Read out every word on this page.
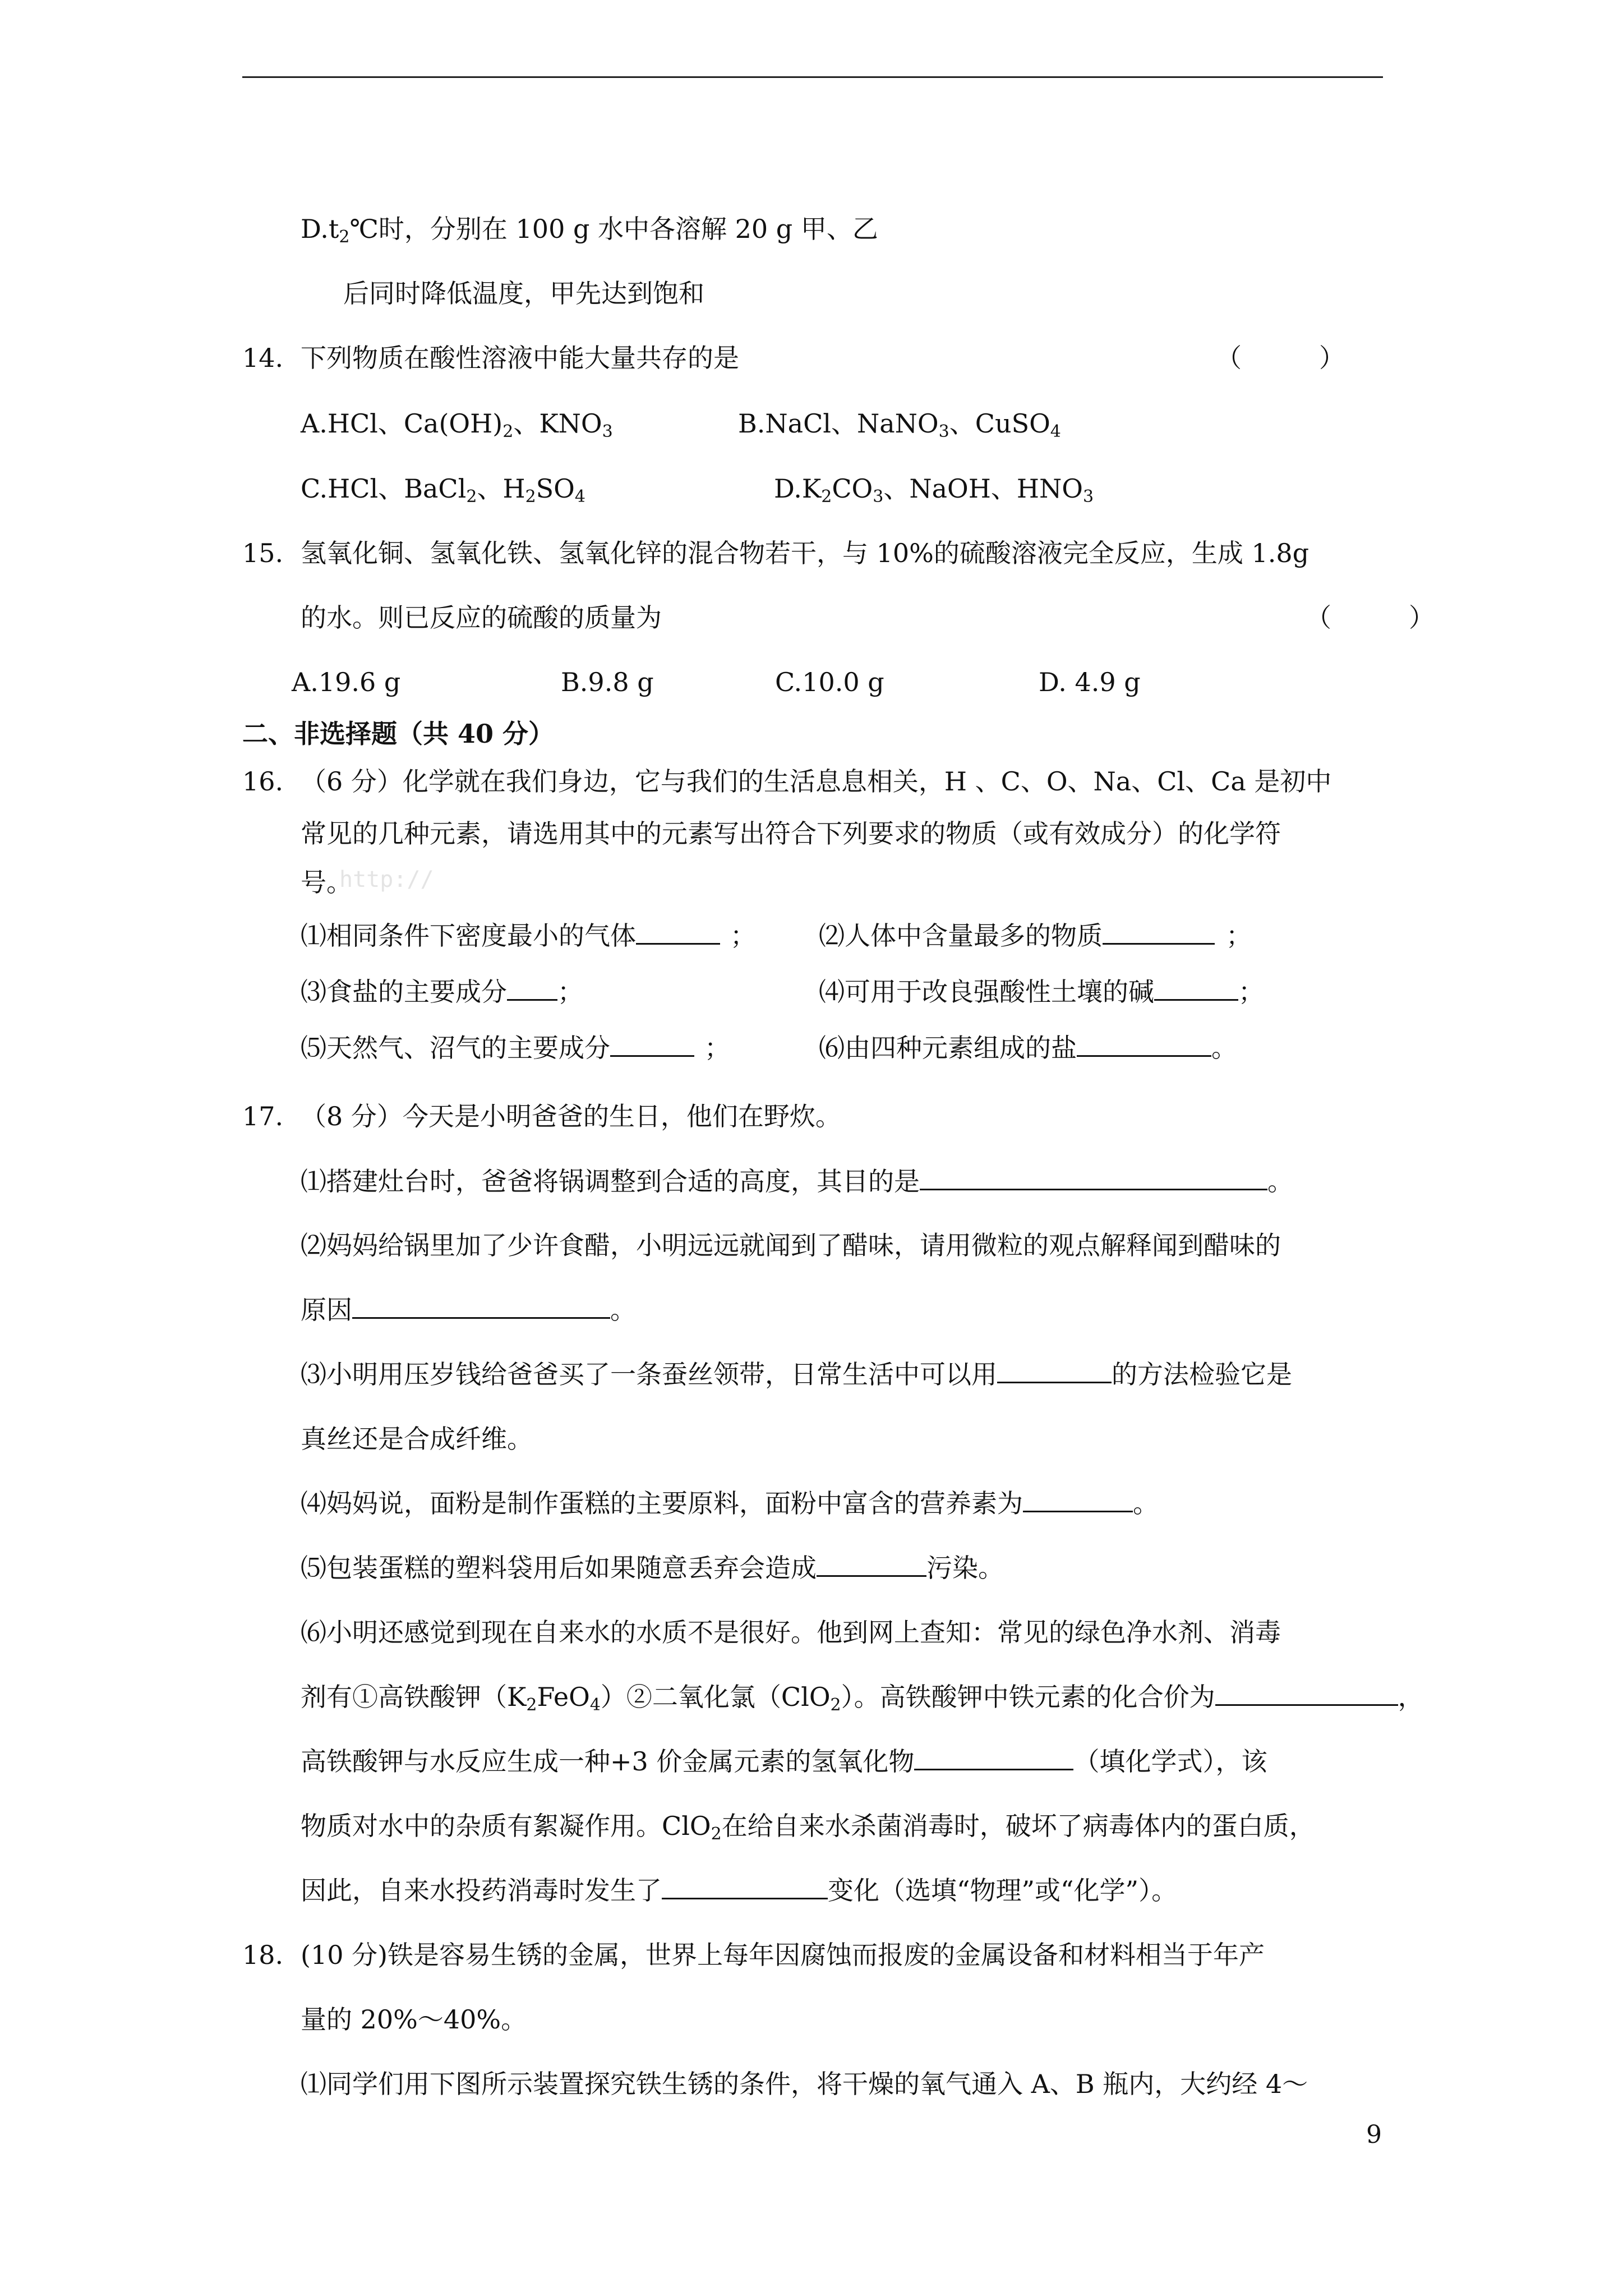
$D.t_2℃$时，分别在 100 g 水中各溶解 20 g 甲、乙
后同时降低温度，甲先达到饱和
14. 下列物质在酸性溶液中能大量共存的是	（　　　）
A.HCl、$Ca(OH)_2$、$KNO_3$	B.NaCl、NaNO$_3$、CuSO$_4$
C.HCl、BaCl$_2$、$H_2SO_4$	$D.K_2CO_3$、NaOH、$HNO_3$
15. 氢氧化铜、氢氧化铁、氢氧化锌的混合物若干，与 10%的硫酸溶液完全反应，生成 1.8g
的水。则已反应的硫酸的质量为	（　　　）
A.19.6 g	B.9.8 g	C.10.0 g	D. 4.9 g
二、非选择题（共 40 分）
16. （6 分）化学就在我们身边，它与我们的生活息息相关，H 、C、O、Na、Cl、Ca 是初中
常见的几种元素，请选用其中的元素写出符合下列要求的物质（或有效成分）的化学符
号。
http://
⑴相同条件下密度最小的气体	； ⑵人体中含量最多的物质	；
⑶食盐的主要成分 ；	⑷可用于改良强酸性土壤的碱	；
⑸天然气、沼气的主要成分	；	⑹由四种元素组成的盐	。
17. （8 分）今天是小明爸爸的生日，他们在野炊。
⑴搭建灶台时，爸爸将锅调整到合适的高度，其目的是	。
⑵妈妈给锅里加了少许食醋，小明远远就闻到了醋味，请用微粒的观点解释闻到醋味的
原因	。
⑶小明用压岁钱给爸爸买了一条蚕丝领带，日常生活中可以用	的方法检验它是
真丝还是合成纤维。
⑷妈妈说，面粉是制作蛋糕的主要原料，面粉中富含的营养素为	。
⑸包装蛋糕的塑料袋用后如果随意丢弃会造成	污染。
⑹小明还感觉到现在自来水的水质不是很好。他到网上查知：常见的绿色净水剂、消毒
剂有①高铁酸钾$(K_2FeO_4)②$二氧化氯（ClO$_2$）。高铁酸钾中铁元素的化合价为	，
高铁酸钾与水反应生成一种+3 价金属元素的氢氧化物	（填化学式），该
物质对水中的杂质有絮凝作用。ClO$_2$在给自来水杀菌消毒时，破坏了病毒体内的蛋白质，
因此，自来水投药消毒时发生了	变化（选填“物理”或“化学”）。
18. (10 分)铁是容易生锈的金属，世界上每年因腐蚀而报废的金属设备和材料相当于年产
量的 20%～40%。
⑴同学们用下图所示装置探究铁生锈的条件，将干燥的氧气通入 A、B 瓶内，大约经 4～
9
